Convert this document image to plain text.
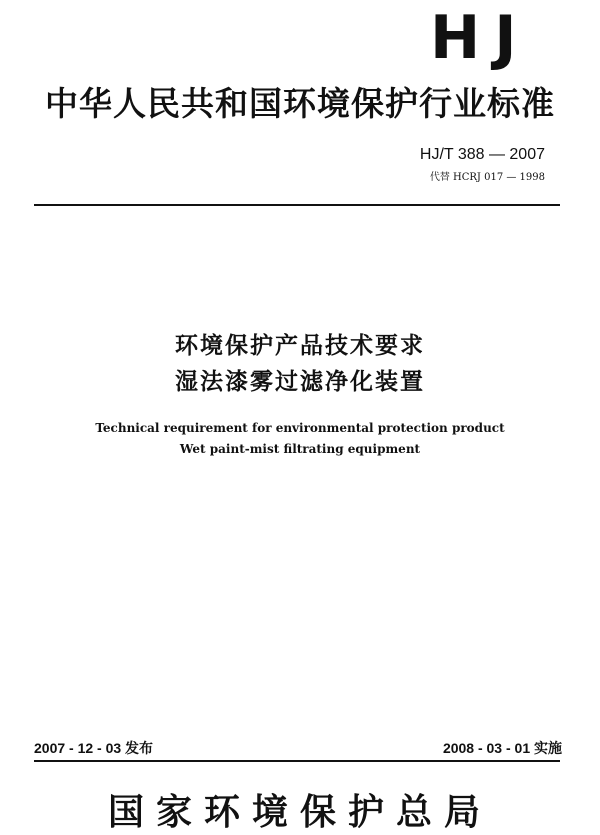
HJ
中华人民共和国环境保护行业标准
HJ/T 388 — 2007
代替 HCRJ 017 — 1998
环境保护产品技术要求
湿法漆雾过滤净化装置
Technical requirement for environmental protection product
Wet paint-mist filtrating equipment
2007 - 12 - 03 发布	2008 - 03 - 01 实施
国家环境保护总局
